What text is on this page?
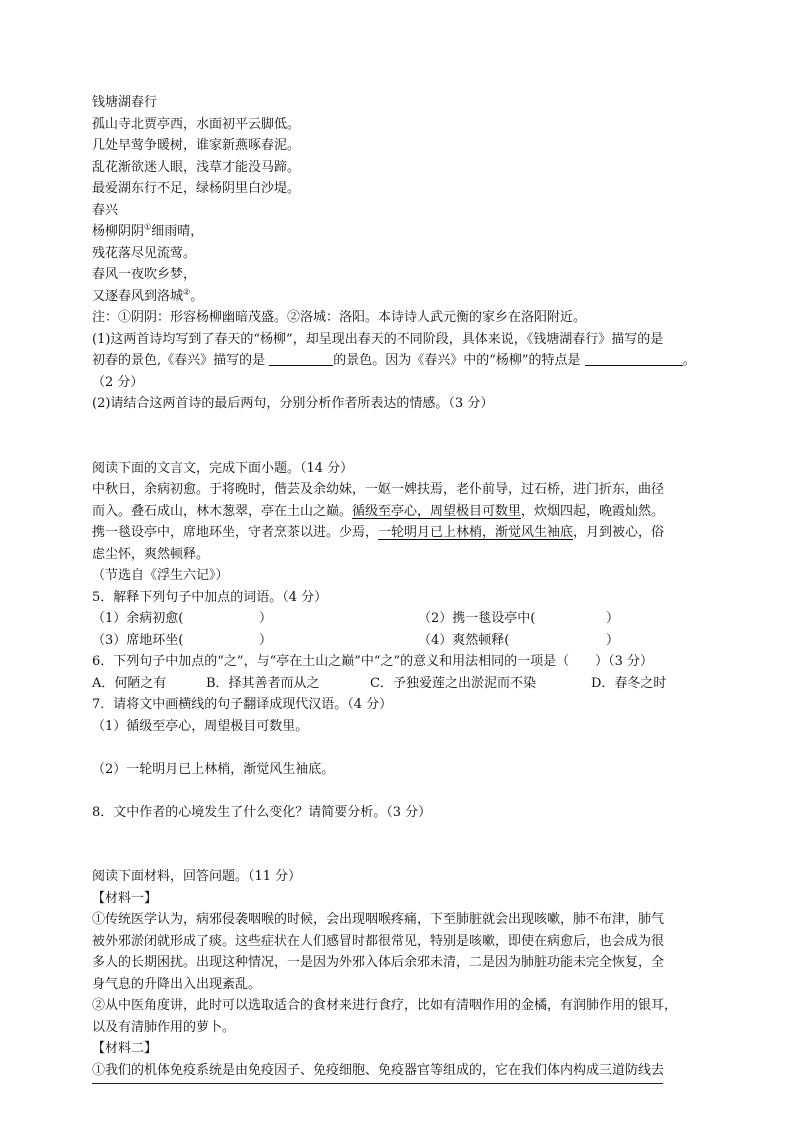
钱塘湖春行
孤山寺北贾亭西，水面初平云脚低。
几处早莺争暖树，谁家新燕啄春泥。
乱花渐欲迷人眼，浅草才能没马蹄。
最爱湖东行不足，绿杨阴里白沙堤。
春兴
杨柳阴阴①细雨晴，
残花落尽见流莺。
春风一夜吹乡梦，
又逐春风到洛城②。
注：①阴阴：形容杨柳幽暗茂盛。②洛城：洛阳。本诗诗人武元衡的家乡在洛阳附近。
(1)这两首诗均写到了春天的“杨柳”，却呈现出春天的不同阶段，具体来说，《钱塘湖春行》描写的是
初春的景色,《春兴》描写的是	的景色。因为《春兴》中的“杨柳”的特点是	。
（2 分）
(2)请结合这两首诗的最后两句，分别分析作者所表达的情感。（3 分）
阅读下面的文言文，完成下面小题。（14 分）
中秋日，余病初愈。于将晚时，偕芸及余幼妹，一妪一婢扶焉，老仆前导，过石桥，进门折东，曲径
而入。叠石成山，林木葱翠，亭在土山之巅。循级至亭心，周望极目可数里，炊烟四起，晚霞灿然。
携一毯设亭中，席地环坐，守者烹茶以进。少焉，一轮明月已上林梢，渐觉风生袖底，月到被心，俗
虑尘怀，爽然顿释。
（节选自《浮生六记》）
5．解释下列句子中加点的词语。（4 分）
（1）余病初愈(	）	（2）携一毯设亭中(	）
（3）席地环坐(	）	（4）爽然顿释(	）
6．下列句子中加点的“之”，与“亭在土山之巅”中“之”的意义和用法相同的一项是（　　）（3 分）
A．何陋之有	B．择其善者而从之	C．予独爱莲之出淤泥而不染	D．春冬之时
7．请将文中画横线的句子翻译成现代汉语。（4 分）
（1）循级至亭心，周望极目可数里。
（2）一轮明月已上林梢，渐觉风生袖底。
8．文中作者的心境发生了什么变化？请简要分析。（3 分）
阅读下面材料，回答问题。（11 分）
【材料一】
①传统医学认为，病邪侵袭咽喉的时候，会出现咽喉疼痛，下至肺脏就会出现咳嗽，肺不布津，肺气
被外邪淤闭就形成了痰。这些症状在人们感冒时都很常见，特别是咳嗽，即使在病愈后，也会成为很
多人的长期困扰。出现这种情况，一是因为外邪入体后余邪未清，二是因为肺脏功能未完全恢复，全
身气息的升降出入出现紊乱。
②从中医角度讲，此时可以选取适合的食材来进行食疗，比如有清咽作用的金橘，有润肺作用的银耳，
以及有清肺作用的萝卜。
【材料二】
①我们的机体免疫系统是由免疫因子、免疫细胞、免疫器官等组成的，它在我们体内构成三道防线去
